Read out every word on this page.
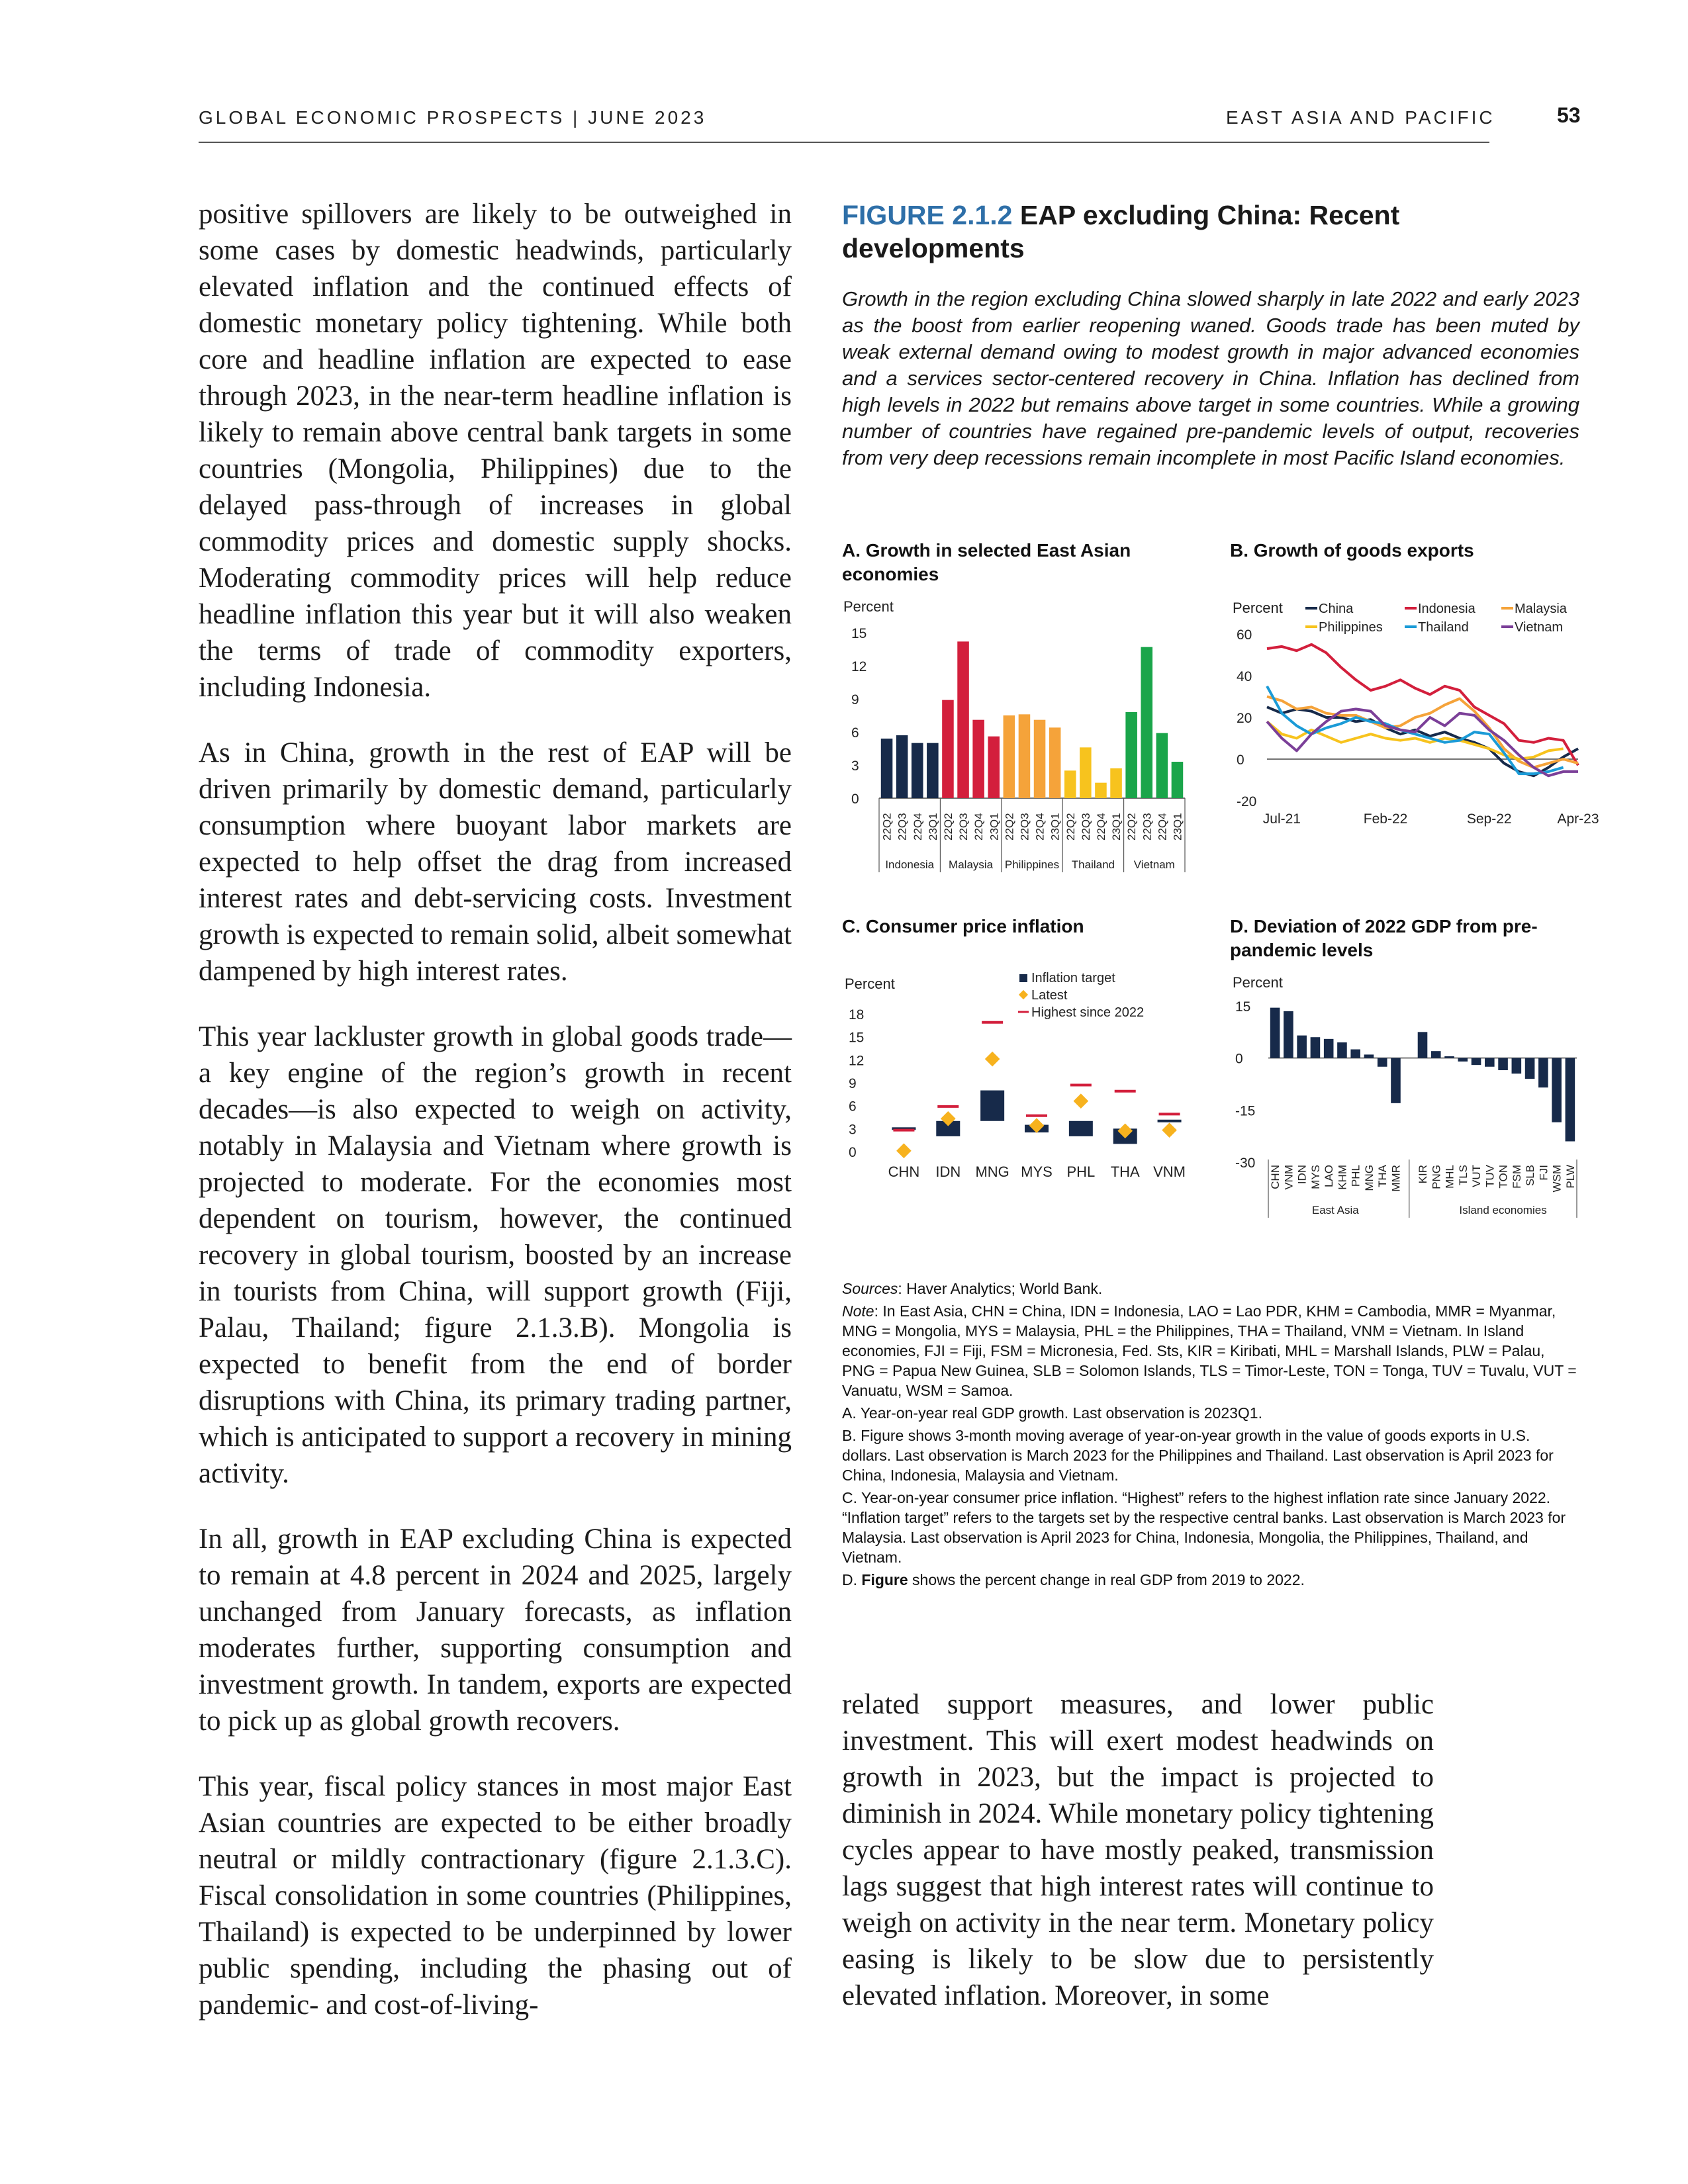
GLOBAL ECONOMIC PROSPECTS | JUNE 2023	EAST ASIA AND PACIFIC	53

positive spillovers are likely to be outweighed in some cases by domestic headwinds, particularly elevated inflation and the continued effects of domestic monetary policy tightening. While both core and headline inflation are expected to ease through 2023, in the near-term headline inflation is likely to remain above central bank targets in some countries (Mongolia, Philippines) due to the delayed pass-through of increases in global commodity prices and domestic supply shocks. Moderating commodity prices will help reduce headline inflation this year but it will also weaken the terms of trade of commodity exporters, including Indonesia.

As in China, growth in the rest of EAP will be driven primarily by domestic demand, particularly consumption where buoyant labor markets are expected to help offset the drag from increased interest rates and debt-servicing costs. Investment growth is expected to remain solid, albeit somewhat dampened by high interest rates.

This year lackluster growth in global goods trade—a key engine of the region’s growth in recent decades—is also expected to weigh on activity, notably in Malaysia and Vietnam where growth is projected to moderate. For the economies most dependent on tourism, however, the continued recovery in global tourism, boosted by an increase in tourists from China, will support growth (Fiji, Palau, Thailand; figure 2.1.3.B). Mongolia is expected to benefit from the end of border disruptions with China, its primary trading partner, which is anticipated to support a recovery in mining activity.

In all, growth in EAP excluding China is expected to remain at 4.8 percent in 2024 and 2025, largely unchanged from January forecasts, as inflation moderates further, supporting consumption and investment growth. In tandem, exports are expected to pick up as global growth recovers.

This year, fiscal policy stances in most major East Asian countries are expected to be either broadly neutral or mildly contractionary (figure 2.1.3.C). Fiscal consolidation in some countries (Philippines, Thailand) is expected to be underpinned by lower public spending, including the phasing out of pandemic- and cost-of-living-

FIGURE 2.1.2 EAP excluding China: Recent developments
Growth in the region excluding China slowed sharply in late 2022 and early 2023 as the boost from earlier reopening waned. Goods trade has been muted by weak external demand owing to modest growth in major advanced economies and a services sector-centered recovery in China. Inflation has declined from high levels in 2022 but remains above target in some countries. While a growing number of countries have regained pre-pandemic levels of output, recoveries from very deep recessions remain incomplete in most Pacific Island economies.
A. Growth in selected East Asian economies
B. Growth of goods exports
C. Consumer price inflation	D. Deviation of 2022 GDP from pre-pandemic levels
Percent
15
12
9
6
3
0
22Q2 22Q3 22Q4 23Q1 22Q2 22Q3 22Q4 23Q1 22Q2 22Q3 22Q4 23Q1 22Q2 22Q3 22Q4 23Q1 22Q2 22Q3 22Q4 23Q1
Indonesia Malaysia Philippines Thailand Vietnam
Percent	China	Indonesia	Malaysia
Philippines	Thailand	Vietnam
60
40
20
0
-20
Jul-21	Feb-22	Sep-22	Apr-23
Percent	Inflation target
Latest
Highest since 2022
18
15
12
9
6
3
0
CHN IDN MNG MYS PHL THA VNM
Percent
15
0
-15
-30
CHN VNM IDN MYS LAO KHM PHL MNG THA MMR KIR PNG MHL TLS VUT TUV TON FSM SLB FJI WSM PLW
East Asia	Island economies

Sources: Haver Analytics; World Bank.

Note: In East Asia, CHN = China, IDN = Indonesia, LAO = Lao PDR, KHM = Cambodia, MMR = Myanmar, MNG = Mongolia, MYS = Malaysia, PHL = the Philippines, THA = Thailand, VNM = Vietnam. In Island economies, FJI = Fiji, FSM = Micronesia, Fed. Sts, KIR = Kiribati, MHL = Marshall Islands, PLW = Palau, PNG = Papua New Guinea, SLB = Solomon Islands, TLS = Timor-Leste, TON = Tonga, TUV = Tuvalu, VUT = Vanuatu, WSM = Samoa.

A. Year-on-year real GDP growth. Last observation is 2023Q1.

B. Figure shows 3-month moving average of year-on-year growth in the value of goods exports in U.S. dollars. Last observation is March 2023 for the Philippines and Thailand. Last observation is April 2023 for China, Indonesia, Malaysia and Vietnam.

C. Year-on-year consumer price inflation. “Highest” refers to the highest inflation rate since January 2022. “Inflation target” refers to the targets set by the respective central banks. Last observation is March 2023 for Malaysia. Last observation is April 2023 for China, Indonesia, Mongolia, the Philippines, Thailand, and Vietnam.

D. Figure shows the percent change in real GDP from 2019 to 2022.

related support measures, and lower public investment. This will exert modest headwinds on growth in 2023, but the impact is projected to diminish in 2024. While monetary policy tightening cycles appear to have mostly peaked, transmission lags suggest that high interest rates will continue to weigh on activity in the near term. Monetary policy easing is likely to be slow due to persistently elevated inflation. Moreover, in some
